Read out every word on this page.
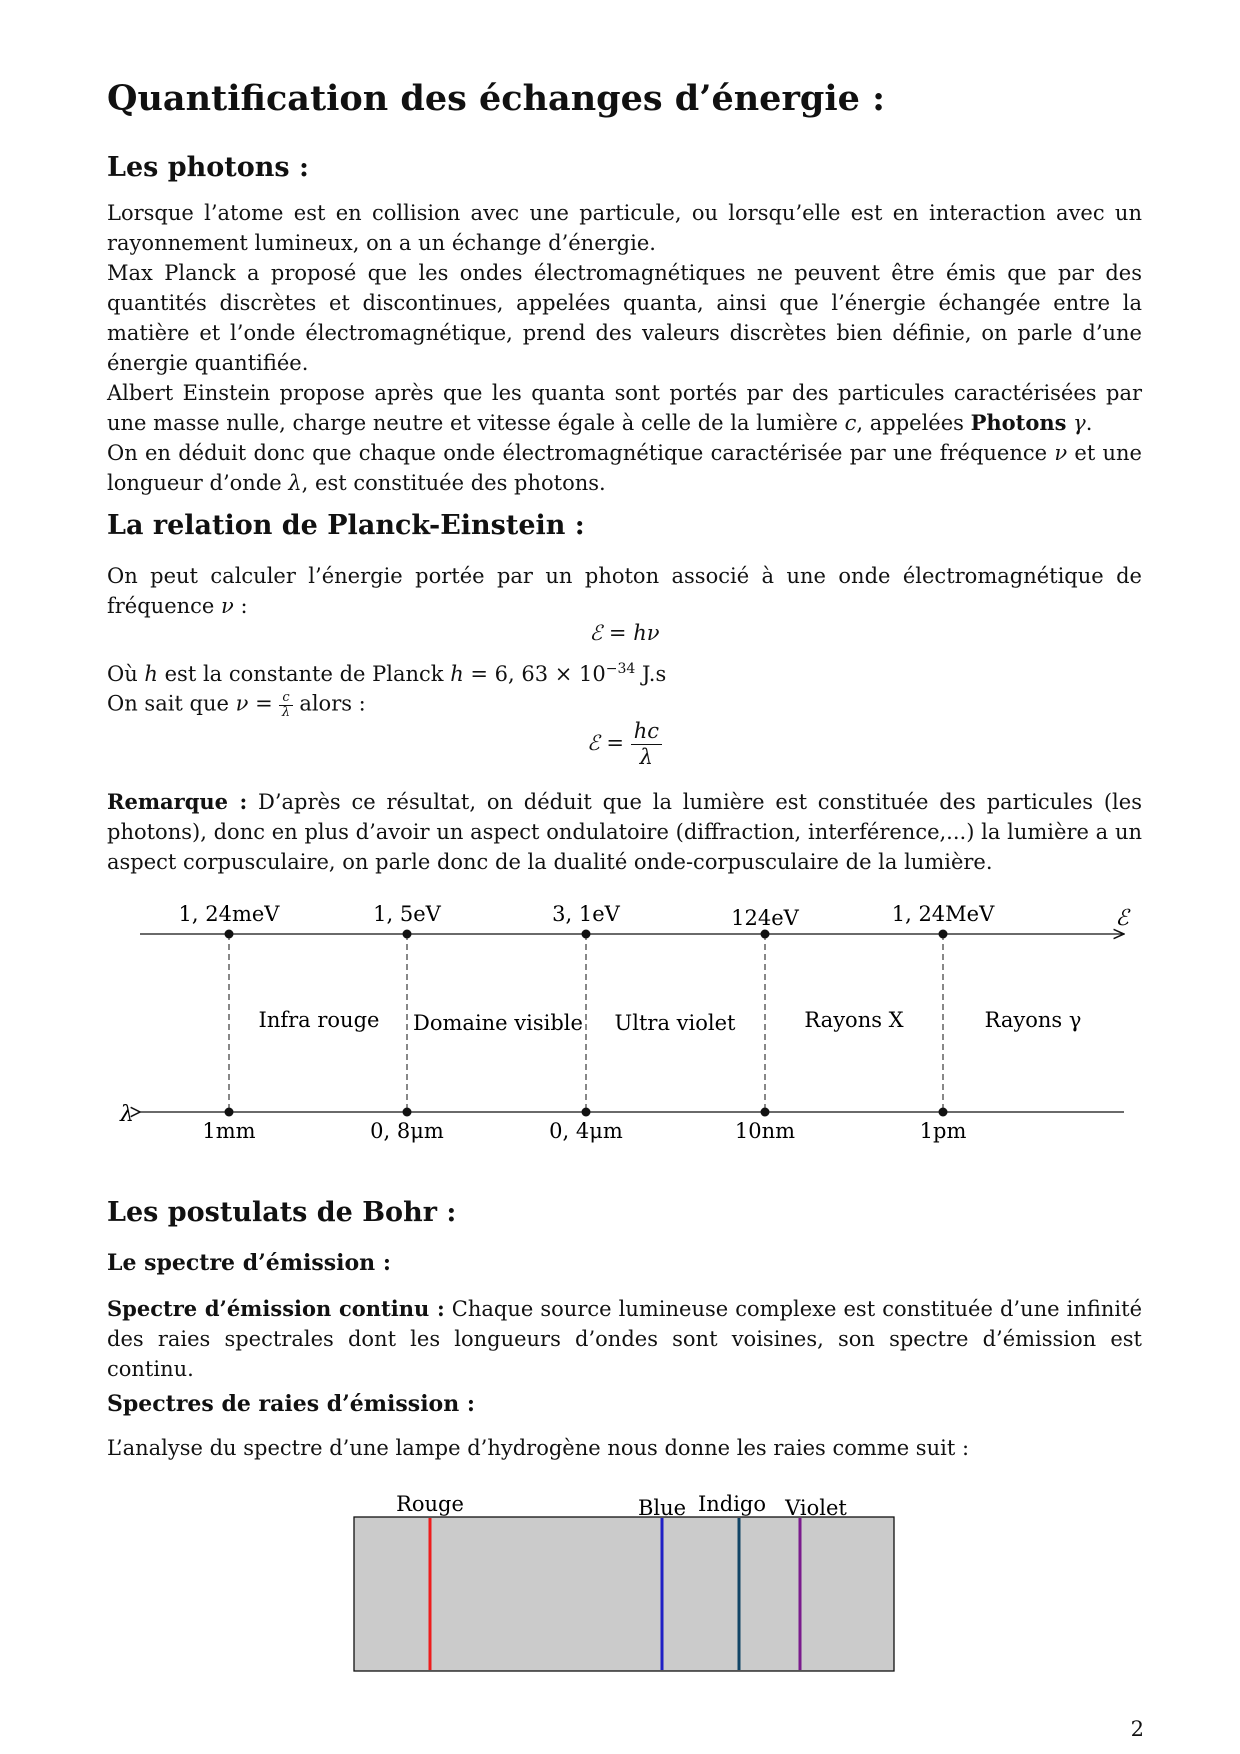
Quantification des échanges d’énergie :
Les photons :

Lorsque l’atome est en collision avec une particule, ou lorsqu’elle est en interaction avec un rayonnement lumineux, on a un échange d’énergie.

Max Planck a proposé que les ondes électromagnétiques ne peuvent être émis que par des quantités discrètes et discontinues, appelées quanta, ainsi que l’énergie échangée entre la matière et l’onde électromagnétique, prend des valeurs discrètes bien définie, on parle d’une énergie quantifiée.

Albert Einstein propose après que les quanta sont portés par des particules caractérisées par une masse nulle, charge neutre et vitesse égale à celle de la lumière c, appelées Photons γ.

On en déduit donc que chaque onde électromagnétique caractérisée par une fréquence ν et une longueur d’onde λ, est constituée des photons.

La relation de Planck-Einstein :

On peut calculer l’énergie portée par un photon associé à une onde électromagnétique de fréquence ν :

ℰ = hν
Où h est la constante de Planck h = 6, $63 \times 10^{-34}$ J.s
On sait que $\nu = \frac{c}{\lambda}$ alors :
ℰ = $\frac{hc}{\lambda}$

Remarque : D’après ce résultat, on déduit que la lumière est constituée des particules (les photons), donc en plus d’avoir un aspect ondulatoire (diffraction, interférence,...) la lumière a un aspect corpusculaire, on parle donc de la dualité onde-corpusculaire de la lumière.

ℰ
λ
1, 24meV
1mm
1, 5eV
0, 8μm
3, 1eV
0, 4μm
124eV
10nm
1, 24MeV
1pm
Infra rouge Domaine visible Ultra violet	Rayons X	Rayons γ
Les postulats de Bohr :
Le spectre d’émission :

Spectre d’émission continu : Chaque source lumineuse complexe est constituée d’une infinité des raies spectrales dont les longueurs d’ondes sont voisines, son spectre d’émission est continu.

Spectres de raies d’émission :
L’analyse du spectre d’une lampe d’hydrogène nous donne les raies comme suit :
Rouge	Blue Indigo Violet
2
